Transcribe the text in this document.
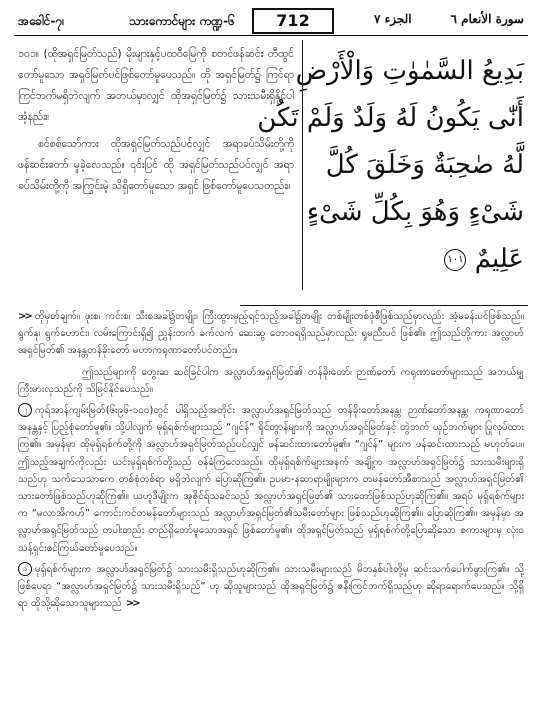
အခေါင်-၇၊	သားကောင်များ ကဏ္ဍ-၆	712	الجزء ٧	سورة الأنعام ٦

၁၀၁။ (ထိုအရှင်မြတ်သည်) မိုးများနှင့်ပထဝီမြေကို စတင်ဖန်ဆင်း တီထွင်တော်မူသော အရှင်မြတ်ပင်ဖြစ်တော်မူပေသည်။ ထို အရှင်မြတ်၌ ကြင်ရာကြင်ဘက်မရှိဘဲလျက် အဘယ်မှာလျှင် ထိုအရှင်မြတ်၌ သားသမီးရှိနိုင်ပါအံ့နည်း။

စင်စစ်သော်ကား ထိုအရှင်မြတ်သည်ပင်လျှင် အရာခပ်သိမ်းတို့ကို ဖန်ဆင်းတော် မူခဲ့လေသည်။ ၎င်းပြင် ထို အရှင်မြတ်သည်ပင်လျှင် အရာခပ်သိမ်းတို့ကို အကြွင်းမဲ့ သိရှိတော်မူသော အရှင် ဖြစ်တော်မူပေသတည်း။

بَدِيعُ السَّمٰوٰتِ وَالْأَرْضِ
أَنّٰى يَكُونُ لَهُ وَلَدٌ وَلَمْ تَكُن
لَّهُ صٰحِبَةٌ وَخَلَقَ كُلَّ
شَىْءٍ وَهُوَ بِكُلِّ شَىْءٍ
عَلِيمٌ ١٠١

>> တိုမှတ်ချက်။ ဖုးစ၊ ကင်းစ၊ သီးစအခါ၌တမျိုး၊ ကြီးထွားမှည့်ရင့်သည့်အခါ၌တမျိုး တစ်မျိုးတစ်ဖုံစီဖြစ်သည်မှာလည်း အံ့မခန်းပင်ဖြစ်သည်။ ရွက်နု၊ ရွက်ဟောင်း၊ လမ်းကြောင်းရှိ၍ ညွှန်းတက် ခက်လက် ဆေးဆွ တောဝရရှိသည်မှာလည်း ရှုမညီးပင် ဖြစ်၏။ ဤသည်တို့ကား အလ္လာဟ်အရှင်မြတ်၏ အနန္တတန်ခိုးတော် မဟာကရုဏာတော်ပင်တည်း။

ဤသည်များကို တွေးဆ ဆင်ခြင်ပါက အလ္လာဟ်အရှင်မြတ်၏ တန်ခိုးတော်၊ ဉာဏ်တော် ကရုဏာတော်များသည် အဘယ်မျှ ကြီးမားလှသည်ကို သိမြင်နိုင်ပေသည်။

၂ ကုရ်အာန်ကျမ်းမြတ်(၆း၉၆-၁၀၀)တွင် ပါရှိသည့်အတိုင်း အလ္လာဟ်အရှင်မြတ်သည် တန်ခိုးတော်အနန္တ၊ ဉာဏ်တော်အနန္တ၊ ကရုဏာတော်အနန္တနှင့် ပြည့်စုံတော်မူ၏။ သို့ပါလျက် မုရှ်ရစ်က်များသည် “ဂျင်န်” ရိုင်တွာန်များကို အလ္လာဟ်အရှင်မြတ်နှင့် တွဲဘက် ယှဉ်ဘက်များ ပြုလုပ်ထားကြ၏။ အမှန်မှာ ထိုမုရှ်ရစ်က်တို့ကို အလ္လာဟ်အရှင်မြတ်သည်ပင်လျှင် ဖန်ဆင်းထားတော်မူ၏။ “ဂျင်န်” များက ဖန်ဆင်းထားသည် မဟုတ်ပေ။ ဤသည့်အချက်ကိုလည်း ယင်းမုရှ်ရစ်က်တို့သည် ဝန်ခံကြလေသည်။ ထိုမုရှ်ရစ်က်များအနက် အချို့က အလ္လာဟ်အရှင်မြတ်၌ သားသမီးများရှိသည်ဟု သက်သေသာကေ တစ်စုံတစ်ရာ မရှိဘဲလျက် ပြောဆိုကြ၏။ ဥပမာ-နဆာရာမျိုးများက တမန်တော်အီစာသည် အလ္လာဟ်အရှင်မြတ်၏ သားတော်ဖြစ်သည်ဟုဆိုကြ၏။ ယဟူဒီမျိုးက အုဇိုင်ရ်သခင်သည် အလ္လာဟ်အရှင်မြတ်၏ သားတော်ဖြစ်သည်ဟုဆိုကြ၏။ အရပ် မုရှ်ရစ်က်များက “မလာအိကဟ်” ကောင်းကင်တမန်တော်များသည် အလ္လာဟ်အရှင်မြတ်၏သမီးတော်များ ဖြစ်သည်ဟုဆိုကြ၏။ ပြောဆိုကြ၏။ အမှန်မှာ အလ္လာဟ်အရှင်မြတ်သည် တပါးတည်း တည်ရှိတော်မူသောအရှင် ဖြစ်တော်မူ၏။ ထိုအရှင်မြတ်သည် မုရှ်ရစ်က်တို့ပြောဆိုသော စကားများမှ လုံးဝ သန့်ရှင်းစင်ကြယ်တော်မူပေသည်။

၁ မုရှ်ရစ်က်များက အလ္လာဟ်အရှင်မြတ်၌ သားသမီးရှိသည်ဟုဆိုကြ၏။ သားသမီးများသည် မိဘနှစ်ပါးတို့မှ ဆင်းသက်ပေါက်ဖွားကြ၏။ သို့ဖြစ်ပေရာ “အလ္လာဟ်အရှင်မြတ်၌ သားသမီးရှိသည်” ဟု ဆိုသူများသည် ထိုအရှင်မြတ်၌ ဇနီးကြင်ဘက်ရှိသည်ဟု ဆိုရာရောက်ပေသည်။ သို့ရှိရာ ထိုသို့ဆိုသောသူများသည် >>
